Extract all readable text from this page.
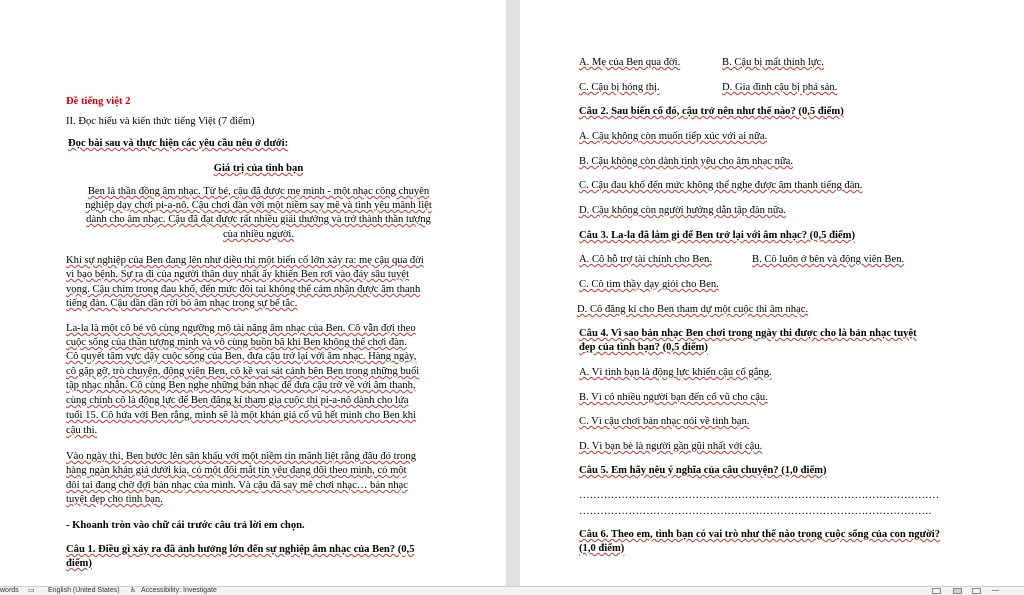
Đề tiếng việt 2
II. Đọc hiểu và kiến thức tiếng Việt (7 điểm)
Đọc bài sau và thực hiện các yêu cầu nêu ở dưới:
Giá trị của tình bạn
Ben là thần đồng âm nhạc. Từ bé, cậu đã được mẹ mình - một nhạc công chuyên
nghiệp dạy chơi pi-a-nô. Cậu chơi đàn với một niềm say mê và tình yêu mãnh liệt
dành cho âm nhạc. Cậu đã đạt được rất nhiều giải thưởng và trở thành thần tượng
của nhiều người.
Khi sự nghiệp của Ben đang lên như diều thì một biến cố lớn xảy ra: mẹ cậu qua đời
vì bạo bệnh. Sự ra đi của người thân duy nhất ấy khiến Ben rơi vào đáy sâu tuyệt
vọng. Cậu chìm trong đau khổ, đến mức đôi tai không thể cảm nhận được âm thanh
tiếng đàn. Cậu dần dần rời bỏ âm nhạc trong sự bế tắc.
La-la là một cô bé vô cùng ngưỡng mộ tài năng âm nhạc của Ben. Cô vẫn đợi theo
cuộc sống của thần tượng mình và vô cùng buồn bã khi Ben không thể chơi đàn.
Cô quyết tâm vực dậy cuộc sống của Ben, đưa cậu trở lại với âm nhạc. Hàng ngày,
cô gặp gỡ, trò chuyện, động viên Ben, cô kề vai sát cánh bên Ben trong những buổi
tập nhạc nhẫn. Cô cùng Ben nghe những bản nhạc để đưa cậu trở về với âm thanh,
cùng chính cô là động lực để Ben đăng kí tham gia cuộc thi pi-a-nô dành cho lứa
tuổi 15. Cô hứa với Ben rằng, mình sẽ là một khán giả cổ vũ hết mình cho Ben khi
cậu thi.
Vào ngày thi, Ben bước lên sân khấu với một niềm tin mãnh liệt rằng đâu đó trong
hàng ngàn khán giả dưới kia, có một đôi mắt tin yêu đang dõi theo mình, có một
đôi tai đang chờ đợi bản nhạc của mình. Và cậu đã say mê chơi nhạc… bản nhạc
tuyệt đẹp cho tình bạn.
- Khoanh tròn vào chữ cái trước câu trả lời em chọn.
Câu 1. Điều gì xảy ra đã ảnh hưởng lớn đến sự nghiệp âm nhạc của Ben? (0,5
điểm)
A. Mẹ của Ben qua đời.	B. Cậu bị mất thính lực.
C. Cậu bị hỏng thị.	D. Gia đình cậu bị phá sản.
Câu 2. Sau biến cố đó, cậu trở nên như thế nào? (0,5 điểm)
A. Cậu không còn muốn tiếp xúc với ai nữa.
B. Cậu không còn dành tình yêu cho âm nhạc nữa.
C. Cậu đau khổ đến mức không thể nghe được âm thanh tiếng đàn.
D. Cậu không còn người hướng dẫn tập đàn nữa.
Câu 3. La-la đã làm gì để Ben trở lại với âm nhạc? (0,5 điểm)
A. Cô hỗ trợ tài chính cho Ben.	B. Cô luôn ở bên và động viên Ben.
C. Cô tìm thầy dạy giỏi cho Ben.
D. Cô đăng kí cho Ben tham dự một cuộc thi âm nhạc.
Câu 4. Vì sao bản nhạc Ben chơi trong ngày thi được cho là bản nhạc tuyệt
đẹp của tình bạn? (0,5 điểm)
A. Vì tình bạn là động lực khiến cậu cố gắng.
B. Vì có nhiều người bạn đến cổ vũ cho cậu.
C. Vì cậu chơi bản nhạc nói về tình bạn.
D. Vì bạn bè là người gần gũi nhất với cậu.
Câu 5. Em hãy nêu ý nghĩa của câu chuyện? (1,0 điểm)
…………………………………………………………………………………………
……………………………………………………………………………………….
Câu 6. Theo em, tình bạn có vai trò như thế nào trong cuộc sống của con người?
(1,0 điểm)
words ▭ English (United States) ♿ Accessibility: Investigate	—
